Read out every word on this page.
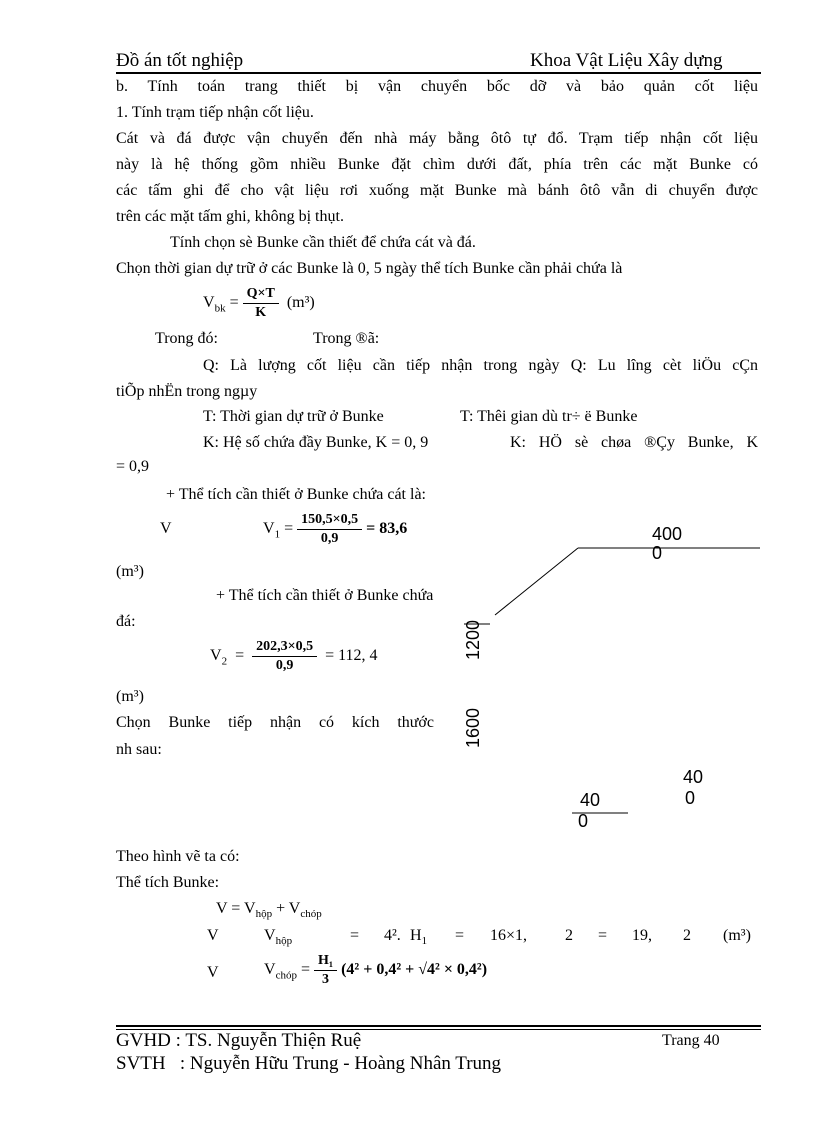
Đồ án tốt nghiệp	Khoa Vật Liệu Xây dựng
b. Tính toán trang thiết bị vận chuyển bốc dỡ và bảo quản cốt liệu
1. Tính trạm tiếp nhận cốt liệu.
Cát và đá được vận chuyển đến nhà máy bằng ôtô tự đổ. Trạm tiếp nhận cốt liệu
này là hệ thống gồm nhiều Bunke đặt chìm dưới đất, phía trên các mặt Bunke có
các tấm ghi để cho vật liệu rơi xuống mặt Bunke mà bánh ôtô vẫn di chuyển được
trên các mặt tấm ghi, không bị thụt.
Tính chọn sè Bunke cần thiết để chứa cát và đá.
Chọn thời gian dự trữ ở các Bunke là 0, 5 ngày thể tích Bunke cần phải chứa là
$V_{bk} = \frac{Q\times T}{K} (m^3)$
Trong đó:	Trong ®ã:
Q: Là lượng cốt liệu cần tiếp nhận trong ngày Q: Lu lîng cèt liÖu cÇn
tiÕp nhËn trong ngµy
T: Thời gian dự trữ ở Bunke	T: Thêi gian dù tr÷ ë Bunke
K: Hệ số chứa đầy Bunke, K = 0, 9	K: HÖ sè chøa ®Çy Bunke, K
= 0,9
+ Thể tích cần thiết ở Bunke chứa cát là:
V	$V_1 = \frac{150,5\times 0,5}{0,9} = 83,6$
(m³)
+ Thể tích cần thiết ở Bunke chứa
đá:
$V_2 = \frac{202,3\times 0,5}{0,9} = 112$, 4
(m³)
Chọn Bunke tiếp nhận có kích thước
nh sau:
400
0
1200
1600
40
0
40
0
Theo hình vẽ ta có:
Thể tích Bunke:
$V = V_{hộp} + V_{chóp}$
V	$V_{hộp}$	= 4². $H_1 = 16\times 1$, 2 = 19, 2 (m³)
V	$V_{chóp} = \frac{\text{H₁}}{3} (4^2 + 0,4^2 + √4^2 \times 0,4^2)$
GVHD : TS. Nguyễn Thiện Ruệ	Trang 40
SVTH   : Nguyễn Hữu Trung - Hoàng Nhân Trung
